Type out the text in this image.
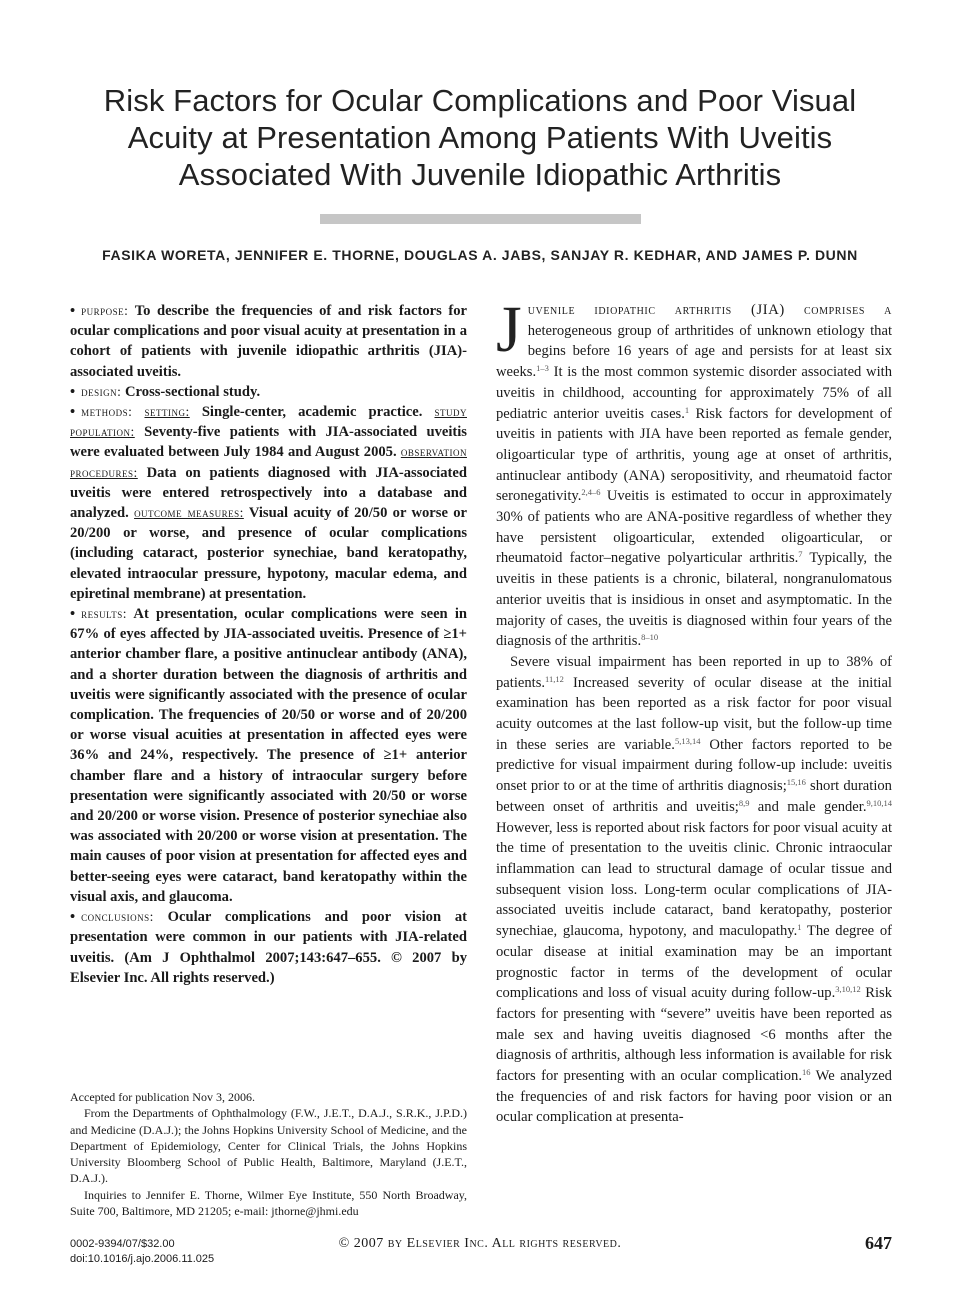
Risk Factors for Ocular Complications and Poor Visual Acuity at Presentation Among Patients With Uveitis Associated With Juvenile Idiopathic Arthritis
FASIKA WORETA, JENNIFER E. THORNE, DOUGLAS A. JABS, SANJAY R. KEDHAR, AND JAMES P. DUNN

• purpose: To describe the frequencies of and risk factors for ocular complications and poor visual acuity at presentation in a cohort of patients with juvenile idiopathic arthritis (JIA)-associated uveitis.

• design: Cross-sectional study.

• methods: setting: Single-center, academic practice. study population: Seventy-five patients with JIA-associated uveitis were evaluated between July 1984 and August 2005. observation procedures: Data on patients diagnosed with JIA-associated uveitis were entered retrospectively into a database and analyzed. outcome measures: Visual acuity of 20/50 or worse or 20/200 or worse, and presence of ocular complications (including cataract, posterior synechiae, band keratopathy, elevated intraocular pressure, hypotony, macular edema, and epiretinal membrane) at presentation.

• results: At presentation, ocular complications were seen in 67% of eyes affected by JIA-associated uveitis. Presence of ≥1+ anterior chamber flare, a positive antinuclear antibody (ANA), and a shorter duration between the diagnosis of arthritis and uveitis were significantly associated with the presence of ocular complication. The frequencies of 20/50 or worse and of 20/200 or worse visual acuities at presentation in affected eyes were 36% and 24%, respectively. The presence of ≥1+ anterior chamber flare and a history of intraocular surgery before presentation were significantly associated with 20/50 or worse and 20/200 or worse vision. Presence of posterior synechiae also was associated with 20/200 or worse vision at presentation. The main causes of poor vision at presentation for affected eyes and better-seeing eyes were cataract, band keratopathy within the visual axis, and glaucoma.

• conclusions: Ocular complications and poor vision at presentation were common in our patients with JIA-related uveitis. (Am J Ophthalmol 2007;143:647–655. © 2007 by Elsevier Inc. All rights reserved.)

Accepted for publication Nov 3, 2006.

From the Departments of Ophthalmology (F.W., J.E.T., D.A.J., S.R.K., J.P.D.) and Medicine (D.A.J.); the Johns Hopkins University School of Medicine, and the Department of Epidemiology, Center for Clinical Trials, the Johns Hopkins University Bloomberg School of Public Health, Baltimore, Maryland (J.E.T., D.A.J.).

Inquiries to Jennifer E. Thorne, Wilmer Eye Institute, 550 North Broadway, Suite 700, Baltimore, MD 21205; e-mail: jthorne@jhmi.edu

Juvenile idiopathic arthritis (JIA) comprises a heterogeneous group of arthritides of unknown etiology that begins before 16 years of age and persists for at least six weeks.$^{1-3}$ It is the most common systemic disorder associated with uveitis in childhood, accounting for approximately 75% of all pediatric anterior uveitis cases.$^1$ Risk factors for development of uveitis in patients with JIA have been reported as female gender, oligoarticular type of arthritis, young age at onset of arthritis, antinuclear antibody (ANA) seropositivity, and rheumatoid factor seronegativity.$^{2,4-6}$ Uveitis is estimated to occur in approximately 30% of patients who are ANA-positive regardless of whether they have persistent oligoarticular, extended oligoarticular, or rheumatoid factor–negative polyarticular arthritis.$^7$ Typically, the uveitis in these patients is a chronic, bilateral, nongranulomatous anterior uveitis that is insidious in onset and asymptomatic. In the majority of cases, the uveitis is diagnosed within four years of the diagnosis of the arthritis.$^{8-10}$

Severe visual impairment has been reported in up to 38% of patients.$^{11,12}$ Increased severity of ocular disease at the initial examination has been reported as a risk factor for poor visual acuity outcomes at the last follow-up visit, but the follow-up time in these series are variable.$^{5,13,14}$ Other factors reported to be predictive for visual impairment during follow-up include: uveitis onset prior to or at the time of arthritis diagnosis;$^{15,16}$ short duration between onset of arthritis and uveitis;$^{8,9}$ and male gender.$^{9,10,14}$ However, less is reported about risk factors for poor visual acuity at the time of presentation to the uveitis clinic. Chronic intraocular inflammation can lead to structural damage of ocular tissue and subsequent vision loss. Long-term ocular complications of JIA-associated uveitis include cataract, band keratopathy, posterior synechiae, glaucoma, hypotony, and maculopathy.$^1$ The degree of ocular disease at initial examination may be an important prognostic factor in terms of the development of ocular complications and loss of visual acuity during follow-up.$^{3,10,12}$ Risk factors for presenting with “severe” uveitis have been reported as male sex and having uveitis diagnosed <6 months after the diagnosis of arthritis, although less information is available for risk factors for presenting with an ocular complication.$^{16}$ We analyzed the frequencies of and risk factors for having poor vision or an ocular complication at presenta-

0002-9394/07/$32.00
doi:10.1016/j.ajo.2006.11.025
© 2007 by Elsevier Inc. All rights reserved.	647
